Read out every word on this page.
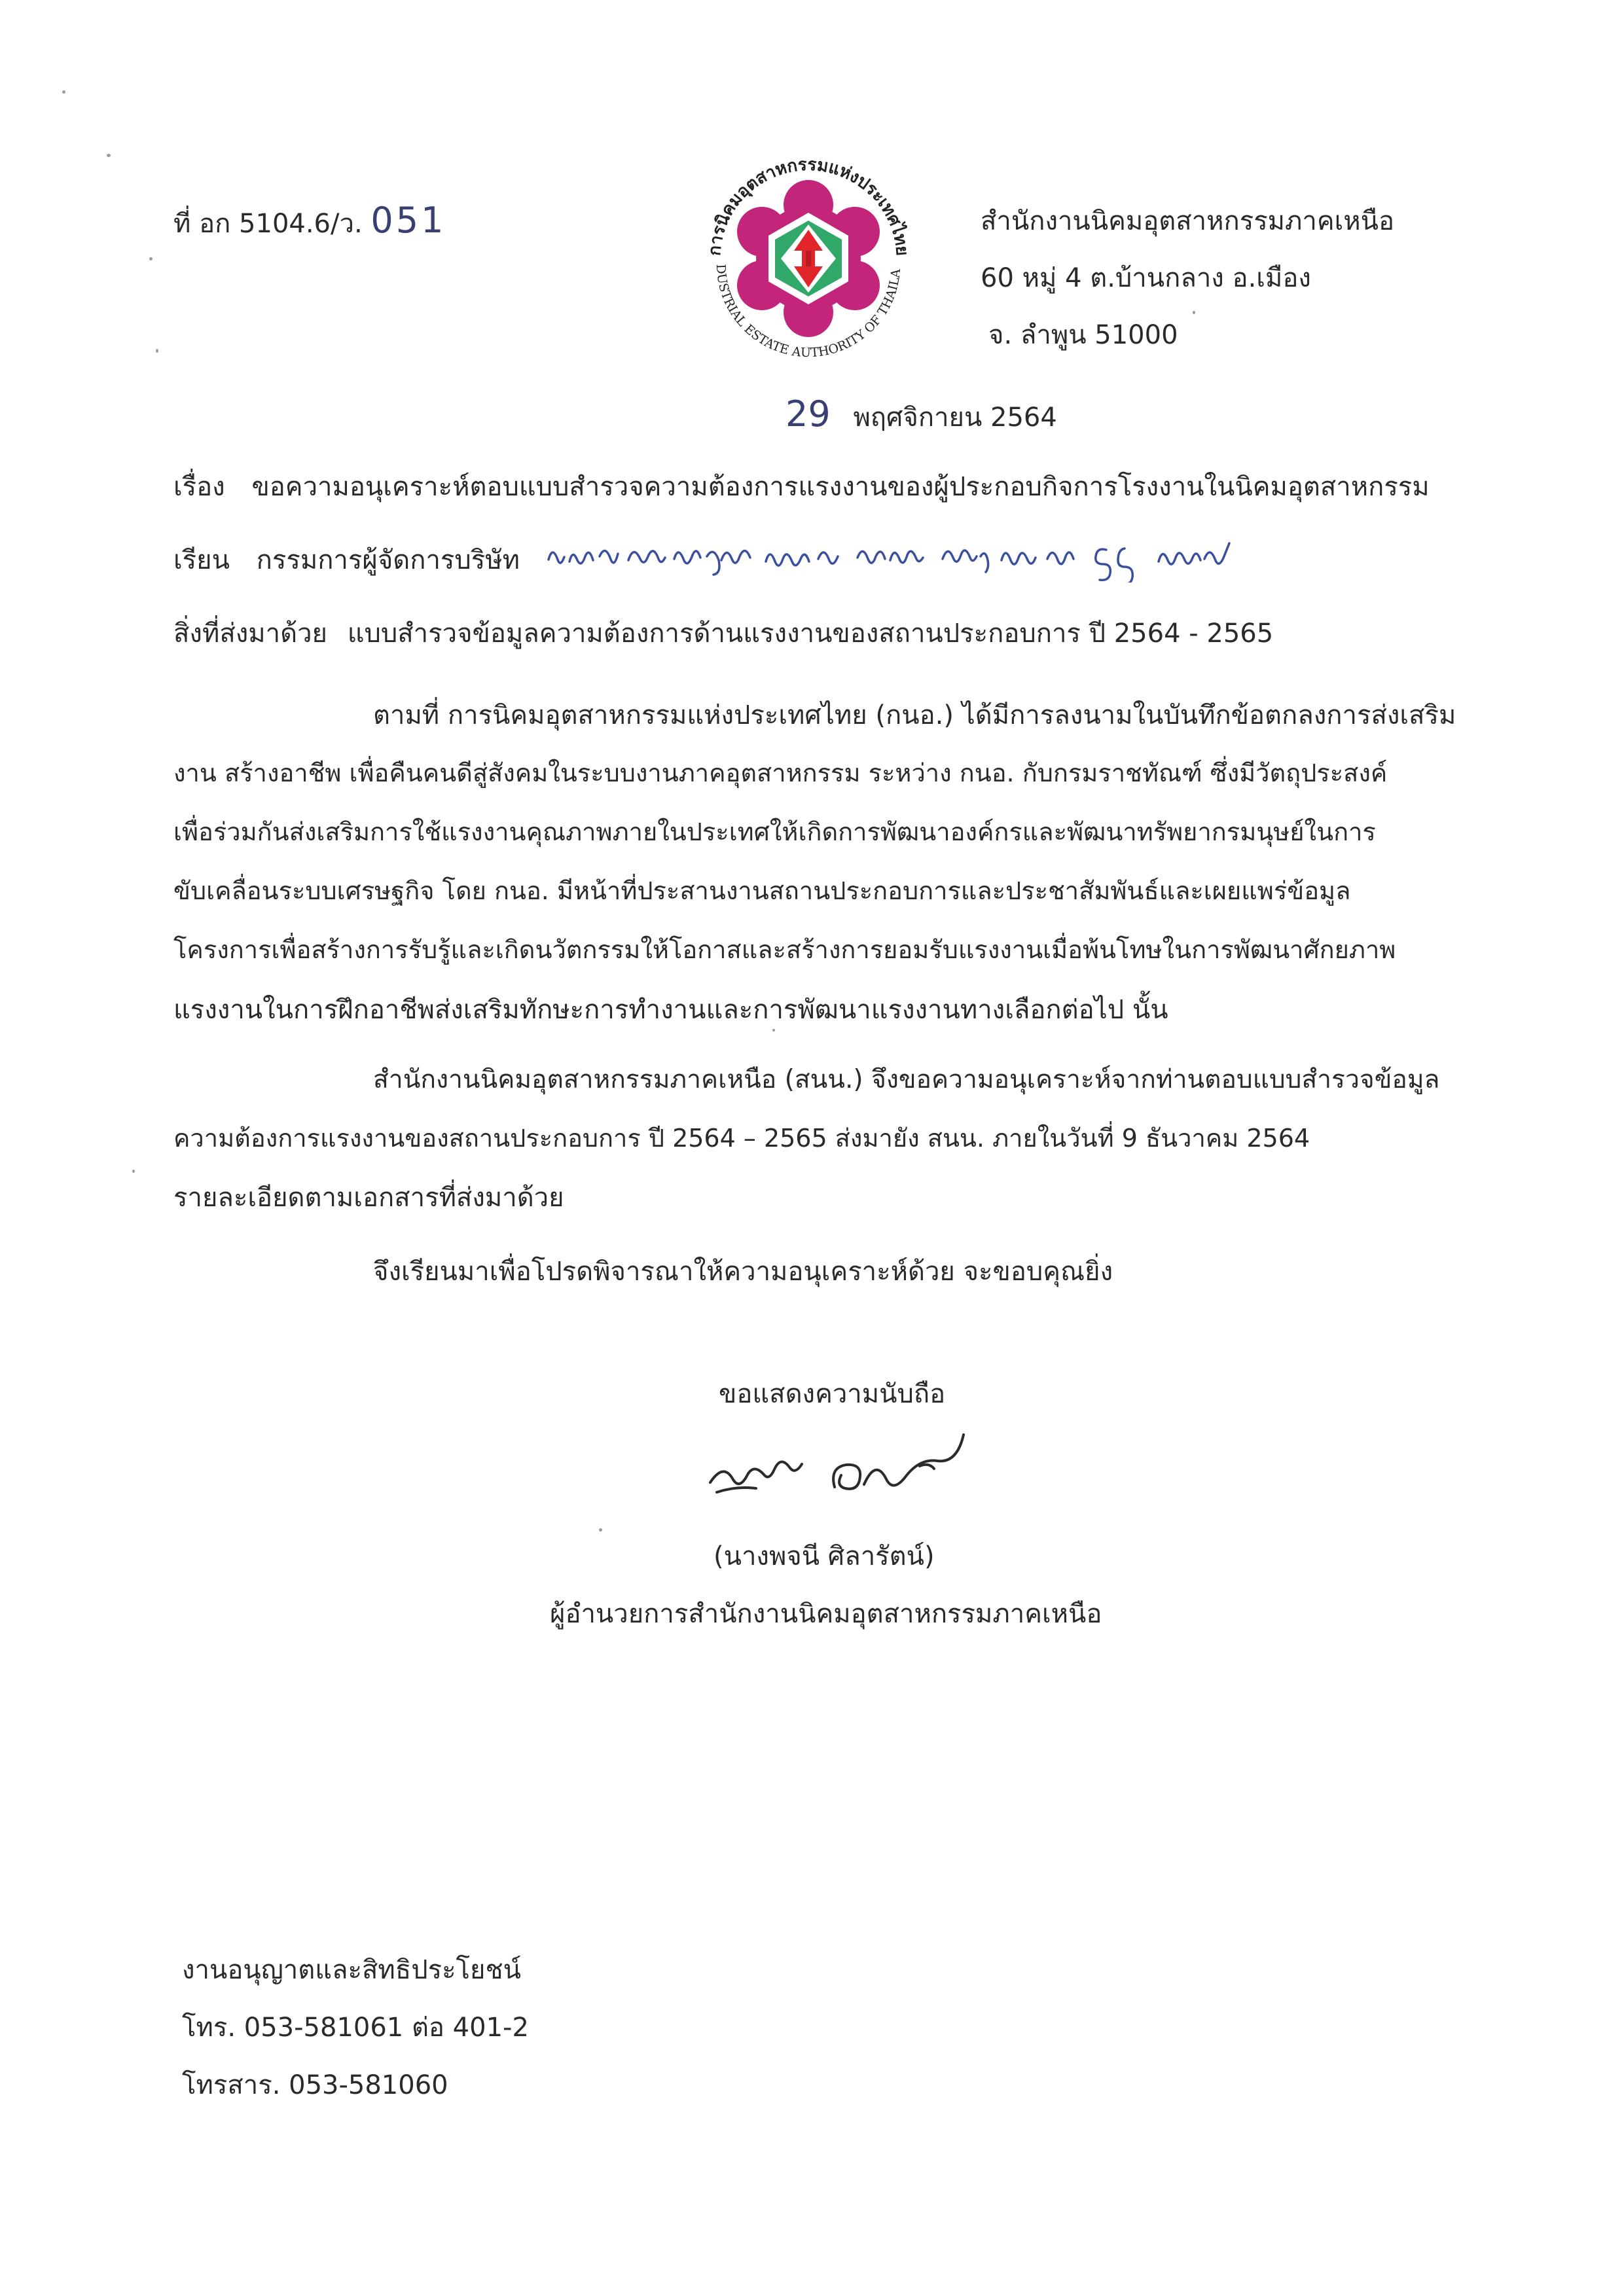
ที่ อก 5104.6/ว. 051
การนิคมอุตสาหกรรมแห่งประเทศไทย
DUSTRIAL ESTATE AUTHORITY OF THAILA
สำนักงานนิคมอุตสาหกรรมภาคเหนือ
60 หมู่ 4 ต.บ้านกลาง อ.เมือง
จ. ลำพูน 51000
29 พฤศจิกายน 2564
เรื่อง ขอความอนุเคราะห์ตอบแบบสำรวจความต้องการแรงงานของผู้ประกอบกิจการโรงงานในนิคมอุตสาหกรรม
เรียน กรรมการผู้จัดการบริษัท
สิ่งที่ส่งมาด้วย แบบสำรวจข้อมูลความต้องการด้านแรงงานของสถานประกอบการ ปี 2564 - 2565
ตามที่ การนิคมอุตสาหกรรมแห่งประเทศไทย (กนอ.) ได้มีการลงนามในบันทึกข้อตกลงการส่งเสริม
งาน สร้างอาชีพ เพื่อคืนคนดีสู่สังคมในระบบงานภาคอุตสาหกรรม ระหว่าง กนอ. กับกรมราชทัณฑ์ ซึ่งมีวัตถุประสงค์
เพื่อร่วมกันส่งเสริมการใช้แรงงานคุณภาพภายในประเทศให้เกิดการพัฒนาองค์กรและพัฒนาทรัพยากรมนุษย์ในการ
ขับเคลื่อนระบบเศรษฐกิจ โดย กนอ. มีหน้าที่ประสานงานสถานประกอบการและประชาสัมพันธ์และเผยแพร่ข้อมูล
โครงการเพื่อสร้างการรับรู้และเกิดนวัตกรรมให้โอกาสและสร้างการยอมรับแรงงานเมื่อพ้นโทษในการพัฒนาศักยภาพ
แรงงานในการฝึกอาชีพส่งเสริมทักษะการทำงานและการพัฒนาแรงงานทางเลือกต่อไป นั้น
สำนักงานนิคมอุตสาหกรรมภาคเหนือ (สนน.) จึงขอความอนุเคราะห์จากท่านตอบแบบสำรวจข้อมูล
ความต้องการแรงงานของสถานประกอบการ ปี 2564 – 2565 ส่งมายัง สนน. ภายในวันที่ 9 ธันวาคม 2564
รายละเอียดตามเอกสารที่ส่งมาด้วย
จึงเรียนมาเพื่อโปรดพิจารณาให้ความอนุเคราะห์ด้วย จะขอบคุณยิ่ง
ขอแสดงความนับถือ
(นางพจนี ศิลารัตน์)
ผู้อำนวยการสำนักงานนิคมอุตสาหกรรมภาคเหนือ
งานอนุญาตและสิทธิประโยชน์
โทร. 053-581061 ต่อ 401-2
โทรสาร. 053-581060
